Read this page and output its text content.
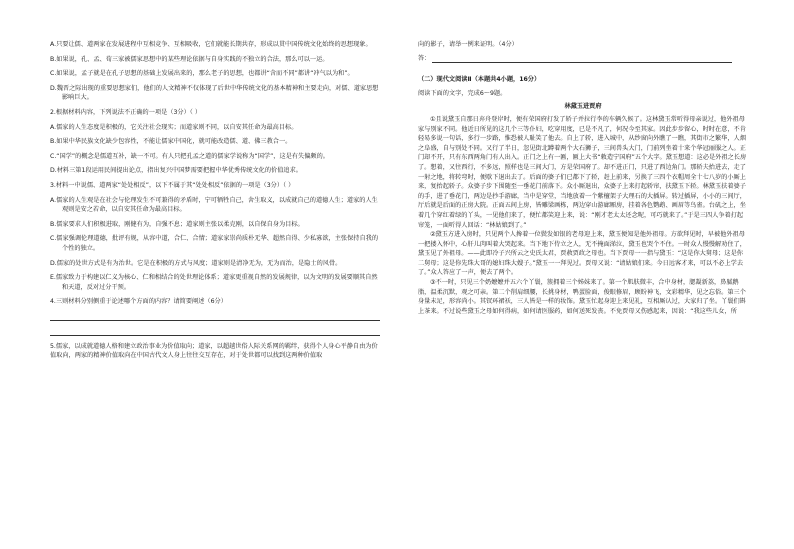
A.只要让儒、道两家在发展进程中互相竞争、互相吸收，它们就能长期共存，形成以贯中国传统文化始终的思想现象。

B.如果说，孔、孟、荀三家被儒家思想中的某些理论依据与自身实践的不独立的合法，那么可以一运。

C.如果说，孟子就是在孔子思想的基础上发展出来的，那么老子的思想，也都讲“含而不同”都讲“冲气以为和”。

D.魏晋之际出现的重要思想家们，他们的人文精神不仅体现了后世中华传统文化的基本精神和主要走向，对儒、道家思想影响巨大。

2.根据材料内容，下列说法不正确的一项是（3分）（ ）

A.儒家的人生态度是积极的，它关注社会现实；而道家则不同，以自安其任命为最高目标。

B.如果中华民族文化缺少包容性，不能让儒家中国化，就可能改造儒、道、佛三教合一。

C.“国学”的概念是儒道互补，缺一不可。有人只把孔孟之道的儒家学说称为“国学”，这是有失偏颇的。

D.材料三第1段运用民间提出论点，指出复兴中国梦需要把握中华优秀传统文化的价值追求。

3.材料一中说儒、道两家“处处相反”，以下不属于其“处处相反”依据的一项是（3分）（ ）

A.儒家的人生观是在社会与伦理发生不可兼得的矛盾时，宁可牺牲自己，舍生取义，以成就自己的道德人生；道家的人生观则是安之若命，以自安其任命为最高目标。

B.儒家要求人们积极进取，刚健有为，自强不息；道家则主张以柔克刚，以自保自身为目标。

C.儒家强调伦理道德，批评有规，从容中道，合仁、合情；道家家崇尚质朴无华、超然自得、少私寡欲，主张保持自我的个性的独立。

D.儒家的处世方式是有为治世。它是在积极的方式与风度；道家则是清净无为，无为而治，是隐士的风骨。

E.儒家致力于构建以仁义为核心、仁和相结合的处世理论体系；道家更重视自然的发展规律，以为文明的发展要顺其自然和天道，反对过分干预。

4.三则材料分别侧重于论述哪个方面的内容？请简要阐述（6分）

5.儒家，以成就道德人格和建立政治事业为价值取向；道家，以超越世俗人际关系网的羁绊，获得个人身心平静自由为价值取向，两家的精神价值取向在中国古代文人身上往往交互存在，对于处世都可以找到这两种价值取

向的影子，请举一例来证明。（4分）

答：

（二）现代文阅读Ⅱ（本题共4小题，16分）

阅读下面的文字，完成6～9题。

林黛玉进贾府

①且说黛玉自那日弃舟登岸时，便有荣国府打发了轿子并拉行李的车辆久候了。这林黛玉常听得母亲说过，他外祖母家与别家不同。他近日所见的这几个三等仆妇，吃穿用度，已是不凡了，何况今至其家。因此步步留心，时时在意，不肯轻易多说一句话，多行一步路，惟恐被人耻笑了他去。自上了轿，进入城中，从纱窗向外瞧了一瞧，其街市之繁华，人烟之阜盛，自与别处不同。又行了半日，忽见街北蹲着两个大石狮子，三间兽头大门，门前列坐着十来个华冠丽服之人。正门却不开，只有东西两角门有人出入。正门之上有一匾，匾上大书“敕造宁国府”五个大字。黛玉想道：这必是外祖之长房了。想着，又往西行，不多远，照样也是三间大门，方是荣国府了。却不进正门，只进了西边角门。那轿夫抬进去，走了一射之地，将转弯时，便歇下退出去了。后面的婆子们已都下了轿，赶上前来，另换了三四个衣帽周全十七八岁的小厮上来，复抬起轿子。众婆子步下围随至一垂花门前落下。众小厮退出，众婆子上来打起轿帘，扶黛玉下轿。林黛玉扶着婆子的手，进了垂花门，两边是抄手游廊，当中是穿堂，当地放着一个紫檀架子大理石的大插屏。转过插屏，小小的三间厅，厅后就是后面的正房大院。正面五间上房，皆雕梁画栋，两边穿山游廊厢房，挂着各色鹦鹉、画眉等鸟雀。台矶之上，坐着几个穿红着绿的丫头，一见他们来了，便忙都笑迎上来，说：“刚才老太太还念呢，可巧就来了。”于是三四人争着打起帘笼，一面听得人回话：“林姑娘到了。”

②黛玉方进入房时，只见两个人搀着一位鬓发如银的老母迎上来，黛玉便知是他外祖母。方欲拜见时，早被他外祖母一把搂入怀中，心肝儿肉叫着大哭起来。当下地下侍立之人，无不掩面涕泣，黛玉也哭个不住。一时众人慢慢解劝住了，黛玉见了外祖母。——此即冷子兴所云之史氏太君，贾赦贾政之母也。当下贾母一一指与黛玉：“这是你大舅母；这是你二舅母；这是你先珠大哥的媳妇珠大嫂子。”黛玉一一拜见过。贾母又说：“请姑娘们来。今日远客才来，可以不必上学去了。”众人答应了一声，便去了两个。

③不一时，只见三个奶嬷嬷并五六个丫鬟，簇拥着三个姊妹来了。第一个肌肤微丰，合中身材，腮凝新荔，鼻腻鹅脂，温柔沉默，观之可亲。第二个削肩细腰，长挑身材，鸭蛋脸面，俊眼修眉，顾盼神飞，文彩精华，见之忘俗。第三个身量未足，形容尚小。其钗环裙袄，三人皆是一样的妆饰。黛玉忙起身迎上来见礼，互相厮认过，大家归了坐。丫鬟们斟上茶来。不过说些黛玉之母如何得病，如何请医服药，如何送死发丧。不免贾母又伤感起来，因说：“我这些儿女，所
